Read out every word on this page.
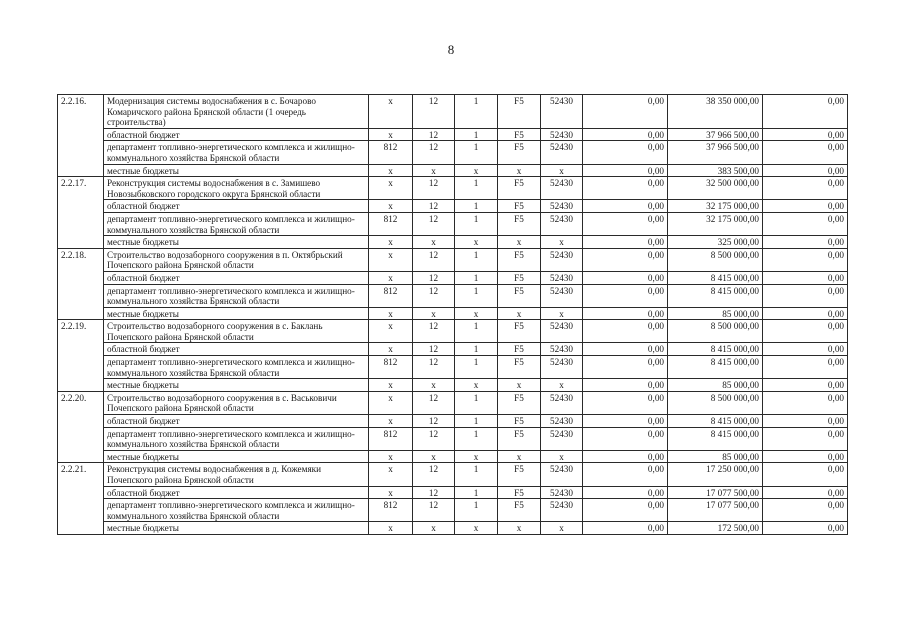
8
2.2.16.	Модернизация системы водоснабжения в с. Бочарово Комаричского района Брянской области (1 очередь строительства)	х	12	1	F5	52430	0,00	38 350 000,00	0,00
	областной бюджет	х	12	1	F5	52430	0,00	37 966 500,00	0,00
	департамент топливно-энергетического комплекса и жилищно-коммунального хозяйства Брянской области	812	12	1	F5	52430	0,00	37 966 500,00	0,00
	местные бюджеты	х	х	х	х	х	0,00	383 500,00	0,00
2.2.17.	Реконструкция системы водоснабжения в с. Замишево Новозыбковского городского округа Брянской области	х	12	1	F5	52430	0,00	32 500 000,00	0,00
	областной бюджет	х	12	1	F5	52430	0,00	32 175 000,00	0,00
	департамент топливно-энергетического комплекса и жилищно-коммунального хозяйства Брянской области	812	12	1	F5	52430	0,00	32 175 000,00	0,00
	местные бюджеты	х	х	х	х	х	0,00	325 000,00	0,00
2.2.18.	Строительство водозаборного сооружения в п. Октябрьский Почепского района Брянской области	х	12	1	F5	52430	0,00	8 500 000,00	0,00
	областной бюджет	х	12	1	F5	52430	0,00	8 415 000,00	0,00
	департамент топливно-энергетического комплекса и жилищно-коммунального хозяйства Брянской области	812	12	1	F5	52430	0,00	8 415 000,00	0,00
	местные бюджеты	х	х	х	х	х	0,00	85 000,00	0,00
2.2.19.	Строительство водозаборного сооружения в с. Баклань Почепского района Брянской области	х	12	1	F5	52430	0,00	8 500 000,00	0,00
	областной бюджет	х	12	1	F5	52430	0,00	8 415 000,00	0,00
	департамент топливно-энергетического комплекса и жилищно-коммунального хозяйства Брянской области	812	12	1	F5	52430	0,00	8 415 000,00	0,00
	местные бюджеты	х	х	х	х	х	0,00	85 000,00	0,00
2.2.20.	Строительство водозаборного сооружения в с. Васьковичи Почепского района Брянской области	х	12	1	F5	52430	0,00	8 500 000,00	0,00
	областной бюджет	х	12	1	F5	52430	0,00	8 415 000,00	0,00
	департамент топливно-энергетического комплекса и жилищно-коммунального хозяйства Брянской области	812	12	1	F5	52430	0,00	8 415 000,00	0,00
	местные бюджеты	х	х	х	х	х	0,00	85 000,00	0,00
2.2.21.	Реконструкция системы водоснабжения в д. Кожемяки Почепского района Брянской области	х	12	1	F5	52430	0,00	17 250 000,00	0,00
	областной бюджет	х	12	1	F5	52430	0,00	17 077 500,00	0,00
	департамент топливно-энергетического комплекса и жилищно-коммунального хозяйства Брянской области	812	12	1	F5	52430	0,00	17 077 500,00	0,00
	местные бюджеты	х	х	х	х	х	0,00	172 500,00	0,00
